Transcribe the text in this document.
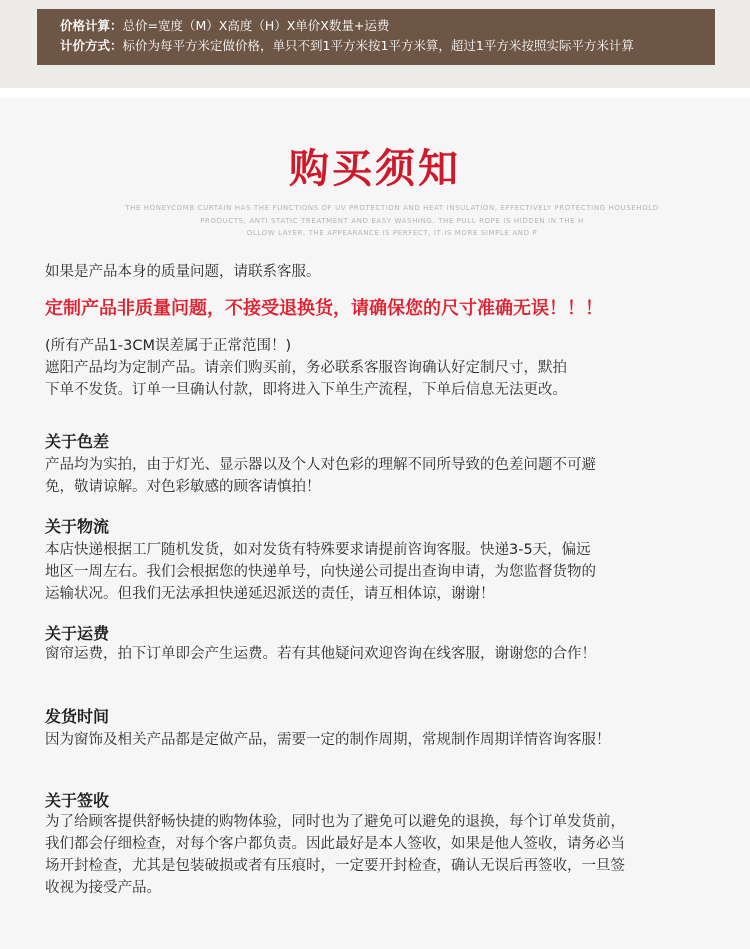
价格计算：总价=宽度（M）X高度（H）X单价X数量+运费
计价方式：标价为每平方米定做价格，单只不到1平方米按1平方米算，超过1平方米按照实际平方米计算
购买须知
THE HONEYCOMB CURTAIN HAS THE FUNCTIONS OF UV PROTECTION AND HEAT INSULATION, EFFECTIVELY PROTECTING HOUSEHOLD
PRODUCTS, ANTI STATIC TREATMENT AND EASY WASHING. THE PULL ROPE IS HIDDEN IN THE H
OLLOW LAYER, THE APPEARANCE IS PERFECT, IT IS MORE SIMPLE AND P
如果是产品本身的质量问题，请联系客服。
定制产品非质量问题，不接受退换货，请确保您的尺寸准确无误！！！
(所有产品1-3CM误差属于正常范围！)
遮阳产品均为定制产品。请亲们购买前，务必联系客服咨询确认好定制尺寸，默拍
下单不发货。订单一旦确认付款，即将进入下单生产流程，下单后信息无法更改。
关于色差
产品均为实拍，由于灯光、显示器以及个人对色彩的理解不同所导致的色差问题不可避
免，敬请谅解。对色彩敏感的顾客请慎拍！
关于物流
本店快递根据工厂随机发货，如对发货有特殊要求请提前咨询客服。快递3-5天，偏远
地区一周左右。我们会根据您的快递单号，向快递公司提出查询申请，为您监督货物的
运输状况。但我们无法承担快递延迟派送的责任，请互相体谅，谢谢！
关于运费
窗帘运费，拍下订单即会产生运费。若有其他疑问欢迎咨询在线客服，谢谢您的合作！
发货时间
因为窗饰及相关产品都是定做产品，需要一定的制作周期，常规制作周期详情咨询客服！
关于签收
为了给顾客提供舒畅快捷的购物体验，同时也为了避免可以避免的退换，每个订单发货前，
我们都会仔细检查，对每个客户都负责。因此最好是本人签收，如果是他人签收，请务必当
场开封检查，尤其是包装破损或者有压痕时，一定要开封检查，确认无误后再签收，一旦签
收视为接受产品。
